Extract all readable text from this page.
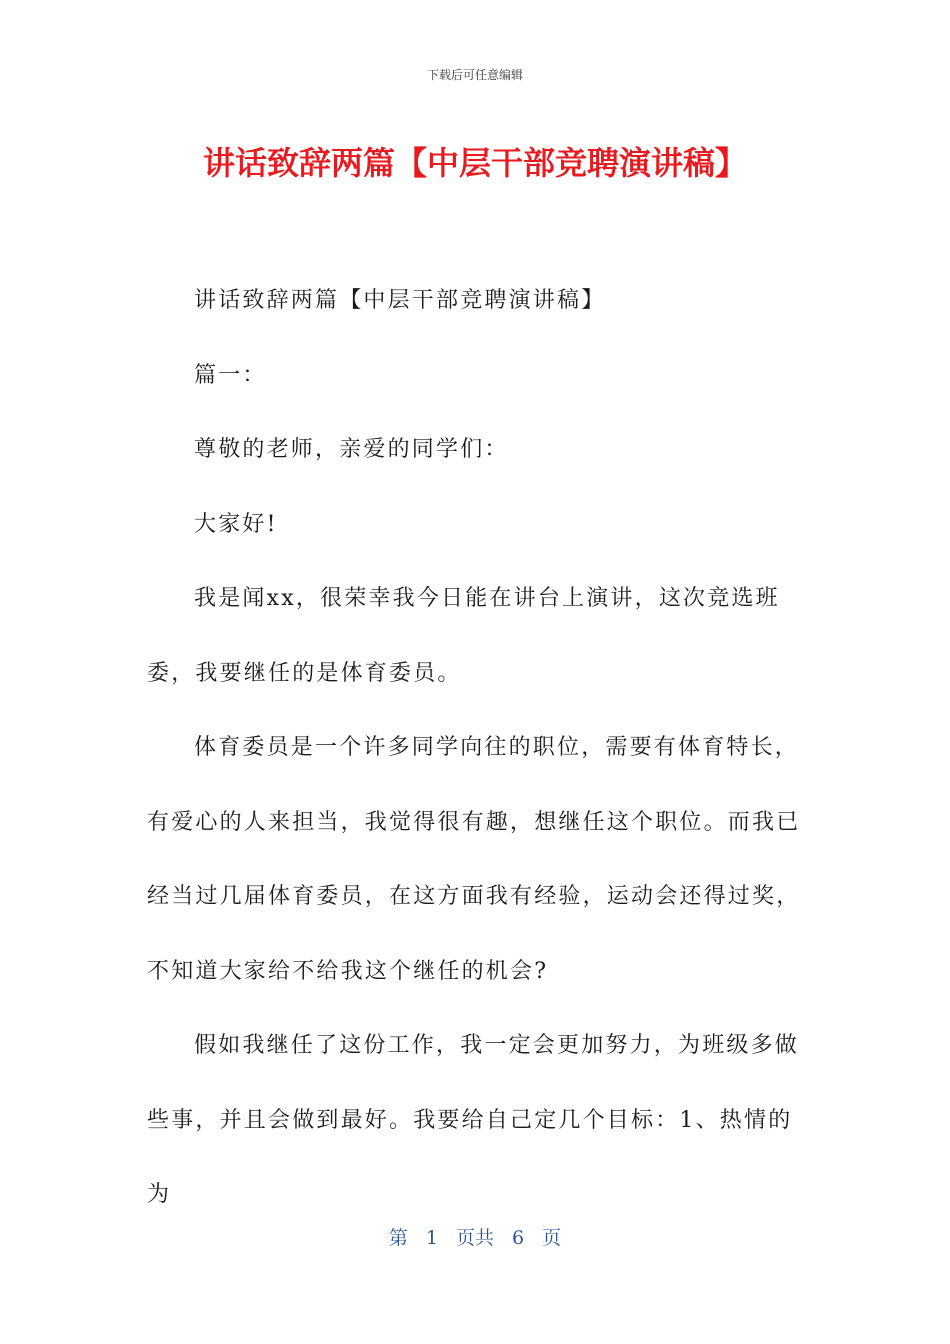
下载后可任意编辑
讲话致辞两篇【中层干部竞聘演讲稿】

讲话致辞两篇【中层干部竞聘演讲稿】

篇一：

尊敬的老师，亲爱的同学们：

大家好!

我是闻xx，很荣幸我今日能在讲台上演讲，这次竞选班委，我要继任的是体育委员。

体育委员是一个许多同学向往的职位，需要有体育特长，有爱心的人来担当，我觉得很有趣，想继任这个职位。而我已经当过几届体育委员，在这方面我有经验，运动会还得过奖，不知道大家给不给我这个继任的机会?

假如我继任了这份工作，我一定会更加努力，为班级多做些事，并且会做到最好。我要给自己定几个目标：1、热情的为

第 1 页共 6 页
